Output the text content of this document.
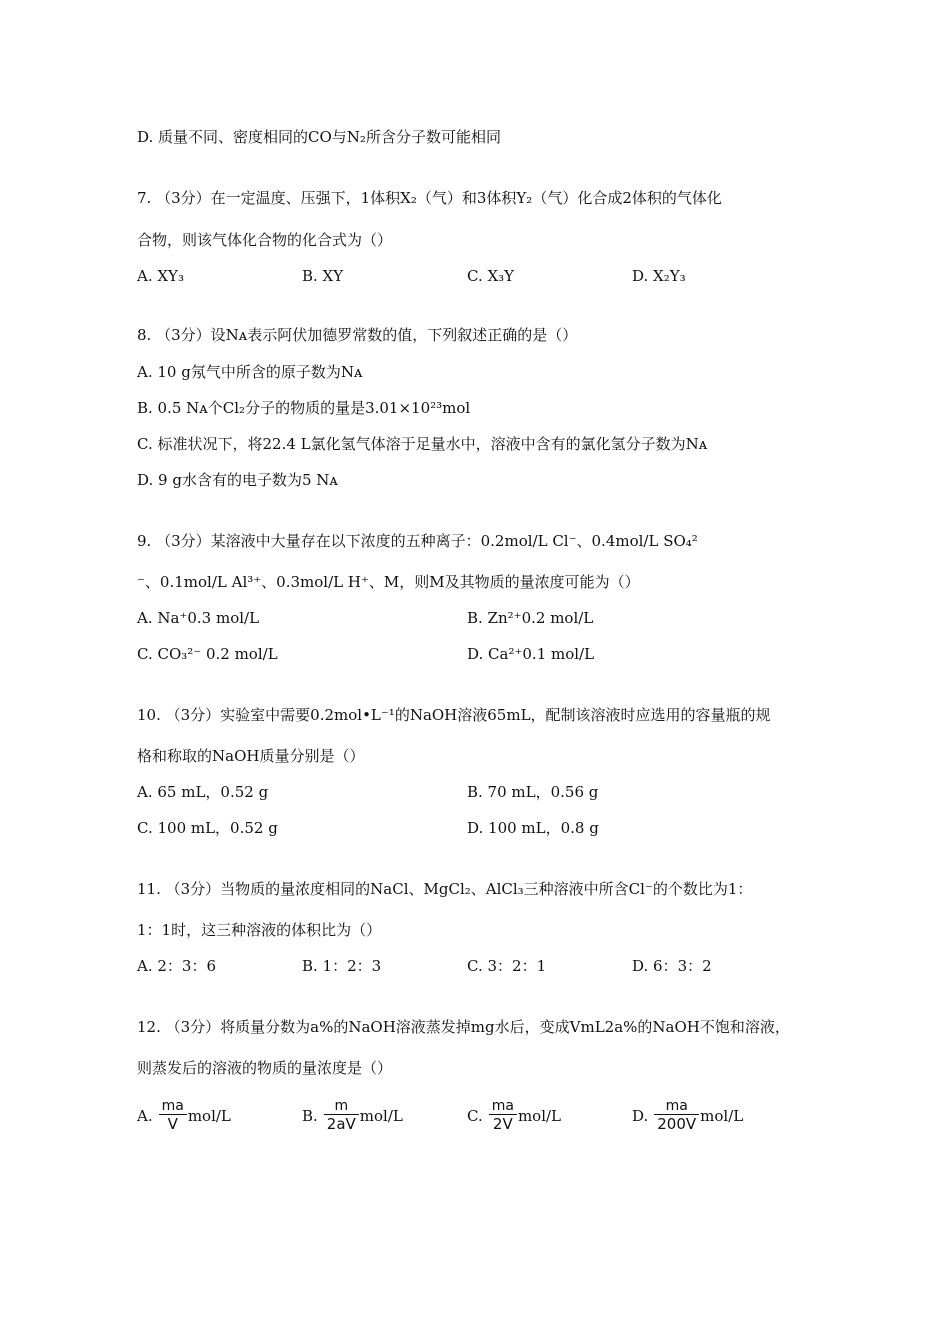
D. 质量不同、密度相同的CO与N₂所含分子数可能相同
7. （3分）在一定温度、压强下，1体积X₂（气）和3体积Y₂（气）化合成2体积的气体化
合物，则该气体化合物的化合式为（）
A. XY₃	B. XY	C. X₃Y	D. X₂Y₃
8. （3分）设Nᴀ表示阿伏加德罗常数的值，下列叙述正确的是（）
A. 10 g氖气中所含的原子数为Nᴀ
B. 0.5 Nᴀ个Cl₂分子的物质的量是3.01×10²³mol
C. 标准状况下，将22.4 L氯化氢气体溶于足量水中，溶液中含有的氯化氢分子数为Nᴀ
D. 9 g水含有的电子数为5 Nᴀ
9. （3分）某溶液中大量存在以下浓度的五种离子：0.2mol/L Cl⁻、0.4mol/L SO₄²
⁻、0.1mol/L Al³⁺、0.3mol/L H⁺、M，则M及其物质的量浓度可能为（）
A. Na⁺0.3 mol/L	B. Zn²⁺0.2 mol/L
C. CO₃²⁻ 0.2 mol/L	D. Ca²⁺0.1 mol/L
10. （3分）实验室中需要0.2mol•L⁻¹的NaOH溶液65mL，配制该溶液时应选用的容量瓶的规
格和称取的NaOH质量分别是（）
A. 65 mL，0.52 g	B. 70 mL，0.56 g
C. 100 mL，0.52 g	D. 100 mL，0.8 g
11. （3分）当物质的量浓度相同的NaCl、MgCl₂、AlCl₃三种溶液中所含Cl⁻的个数比为1：
1：1时，这三种溶液的体积比为（）
A. 2：3：6	B. 1：2：3	C. 3：2：1	D. 6：3：2
12. （3分）将质量分数为a%的NaOH溶液蒸发掉mg水后，变成VmL2a%的NaOH不饱和溶液，
则蒸发后的溶液的物质的量浓度是（）
A. $\frac{ma}{V} mol/L$	B. $\frac{m}{2aV} mol/L$	C. $\frac{ma}{2V} mol/L$	D. $\frac{ma}{200V} mol/L$
